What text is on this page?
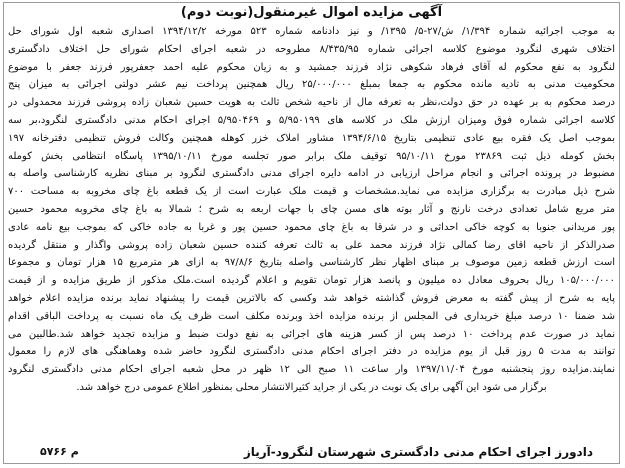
آگهی مزایده اموال غیرمنقول(نوبت دوم)
به موجب اجرائیه شماره ۱/۳۹۴/ ش/۲۷-۵/ ۱۳۹۵/ و نیز دادنامه شماره ۵۲۳ مورخه ۱۳۹۴/۱۲/۲ اصداری شعبه اول شورای حل
اختلاف شهری لنگرود موضوع کلاسه اجرائی شماره ۸/۴۳۵/۹۵ مطروحه در شعبه اجرای احکام شورای حل اختلاف دادگستری
لنگرود به نفع محکوم له آقای فرهاد شکوهی نژاد فرزند جمشید و به زیان محکوم علیه احمد جعفرپور فرزند جعفر با موضوع
محکومیت مدنی به تادیه مانده محکوم به جمعا بمبلغ ۲۵/۰۰۰/۰۰۰ ریال همچنین پرداخت نیم عشر دولتی اجرائی به میزان پنج
درصد محکوم به بر عهده در حق دولت،نظر به تعرفه مال از ناحیه شخص ثالث به هویت حسین شعبان زاده پروشی فرزند محمدولی در
کلاسه اجرائی شماره فوق ومیزان ارزش ملک در کلاسه های ۵/۹۵۰۱۹۹ و ۵/۹۵۰۴۶۹ اجرای احکام مدنی دادگستری لنگرود،بر سه
بموجب اصل یک فقره بیع عادی تنظیمی بتاریخ ۱۳۹۴/۶/۱۵ مشاور املاک خزر کوهله همچنین وکالت فروش تنظیمی دفترخانه ۱۹۷
بخش کومله ذیل ثبت ۲۳۸۶۹ مورخ ۹۵/۱۰/۱۱ توقیف ملک برابر صور تجلسه مورخ ۱۳۹۵/۱۰/۱۱ پاسگاه انتظامی بخش کومله
مضبوط در پرونده اجرائی و انجام مراحل ارزیابی در ادامه دایره اجرای مدنی دادگستری لنگرود بر مبنای نظریه کارشناسی واصله به
شرح ذیل مبادرت به برگزاری مزایده می نماید.مشخصات و قیمت ملک عبارت است از یک قطعه باغ چای مخروبه به مساحت ۷۰۰
متر مربع شامل تعدادی درخت نارنج و آثار بوته های مسن چای با جهات اربعه به شرح ؛ شمالا به باغ چای مخروبه محمود حسین
پور مریدانی جنوبا به کوچه خاکی احداثی و در شرقا به باغ چای محمود حسین پور و غربا به جاده خاکی که بموجب بیع نامه عادی
صدرالذکر از ناحیه اقای رضا کمالی نژاد فرزند محمد علی به ثالث تعرفه کننده حسین شعبان زاده پروشی واگذار و منتقل گردیده
است ارزش قطعه زمین موصوف بر مبنای اظهار نظر کارشناسی واصله بتاریخ ۹۷/۸/۶ به ازای هر مترمربع ۱۵ هزار تومان و مجموعا
۱۰۵/۰۰۰/۰۰۰ ریال بحروف معادل ده میلیون و پانصد هزار تومان تقویم و اعلام گردیده است.ملک مذکور از طریق مزایده و از قیمت
پایه به شرح از پیش گفته به معرض فروش گذاشته خواهد شد وکسی که بالاترین قیمت را پیشنهاد نماید برنده مزایده اعلام خواهد
شد ضمنا ۱۰ درصد مبلغ خریداری فی المجلس از برنده مزایده اخذ وبرنده مکلف است ظرف یک ماه نسبت به پرداخت الباقی اقدام
نماید در صورت عدم پرداخت ۱۰ درصد پس از کسر هزینه های اجرائی به نفع دولت ضبط و مزایده تجدید خواهد شد.طالبین می
توانند به مدت ۵ روز قبل از یوم مزایده در دفتر اجرای احکام مدنی دادگستری لنگرود حاضر شده وهماهنگی های لازم را معمول
نمایند.مزایده روز پنجشنبه مورخ ۱۳۹۷/۱۱/۰۴ وار ساعت ۱۱ صبح الی ۱۲ ظهر در محل شعبه اجرای احکام مدنی دادگستری لنگرود
برگزار می شود این آگهی برای یک نوبت در یکی از جراید کثیرالانتشار محلی بمنظور اطلاع عمومی درج خواهد شد.
دادورز اجرای احکام مدنی دادگستری شهرستان لنگرود-آریاز
م ۵۷۶۶
